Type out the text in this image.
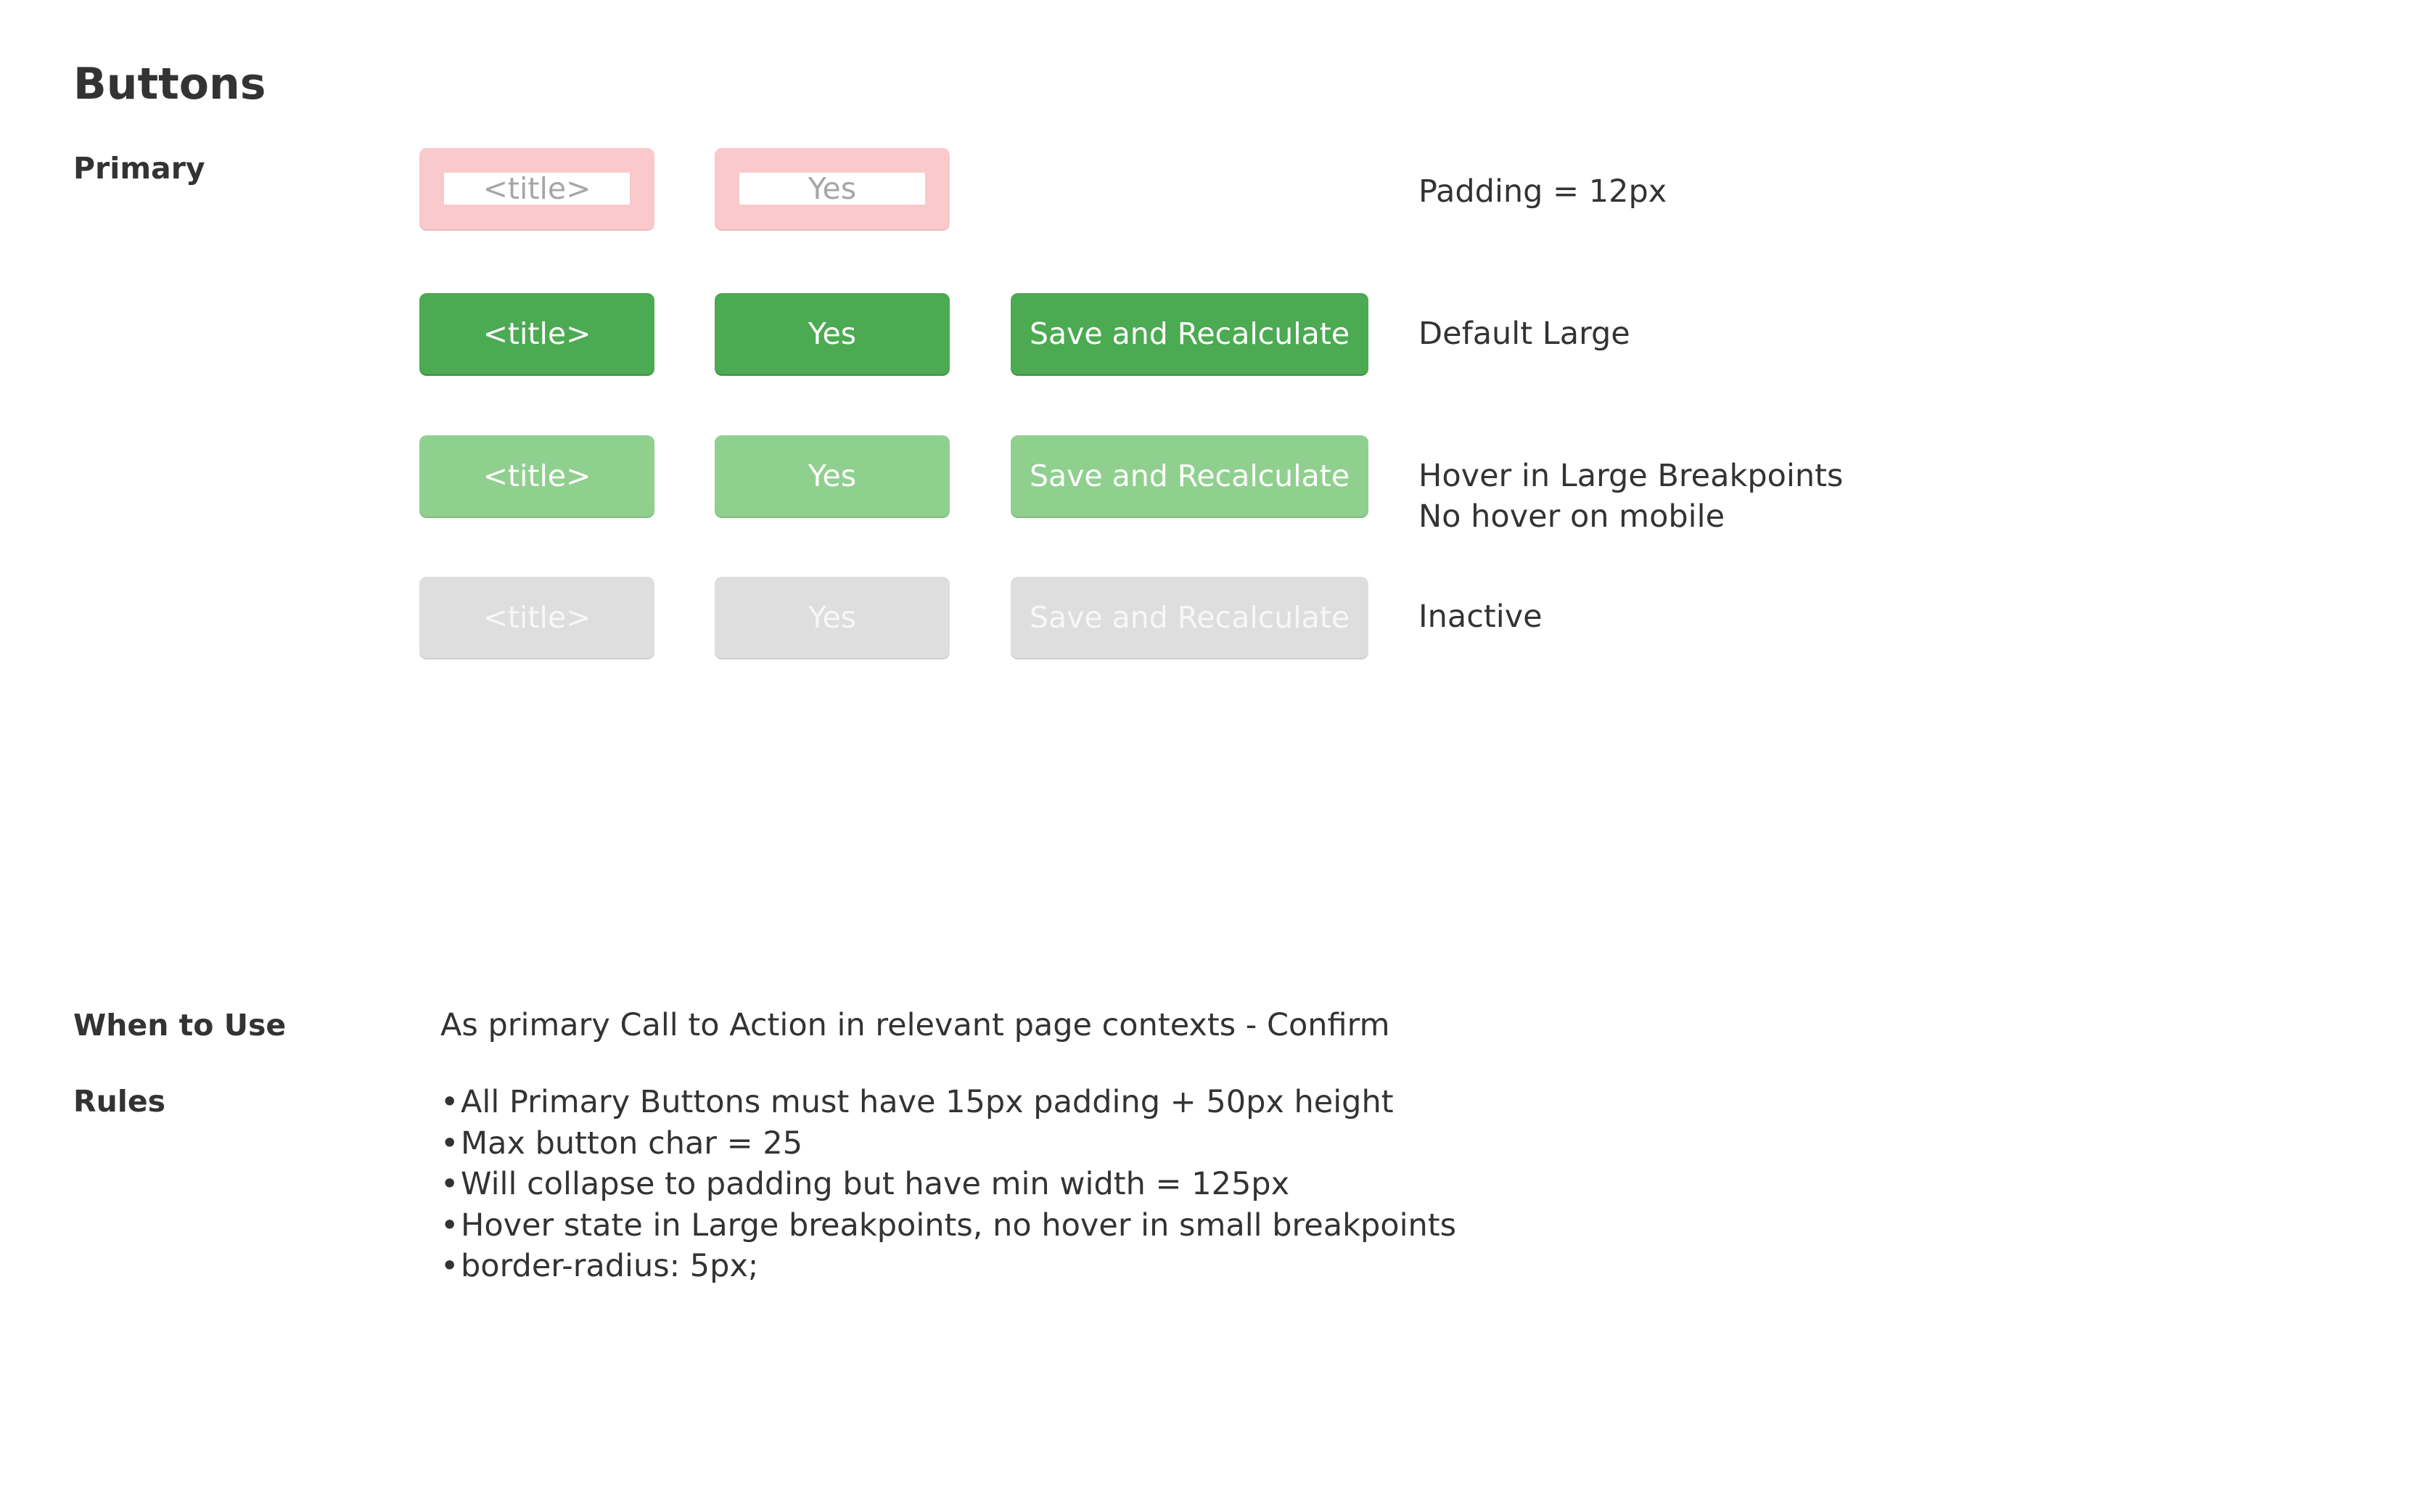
Buttons
Primary
<title>	Yes	Padding = 12px
<title>	Yes	Save and Recalculate	Default Large
<title>	Yes	Save and Recalculate	Hover in Large Breakpoints
No hover on mobile
<title>	Yes	Save and Recalculate	Inactive
When to Use	As primary Call to Action in relevant page contexts - Confirm
Rules
•	All Primary Buttons must have 15px padding + 50px height
• Max button char = 25
• Will collapse to padding but have min width = 125px
• Hover state in Large breakpoints, no hover in small breakpoints
• border-radius: 5px;
